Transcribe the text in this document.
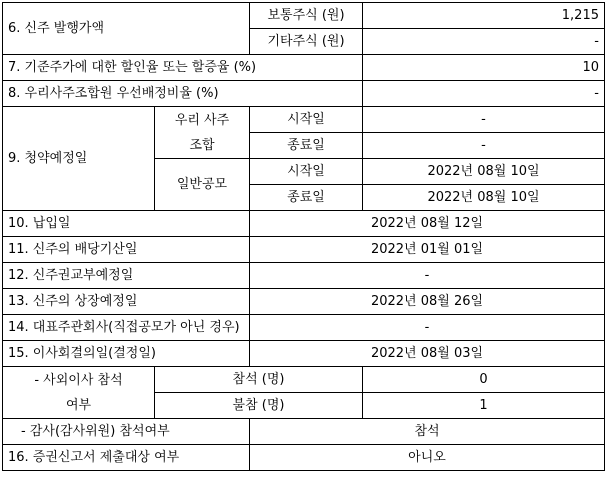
6. 신주 발행가액		보통주식 (원)	1,215
		기타주식 (원)	-
7. 기준주가에 대한 할인율 또는 할증율 (%)			10
8. 우리사주조합원 우선배정비율 (%)			-
9. 청약예정일	우리 사주조합	시작일	-
		종료일	-
	일반공모	시작일	2022년 08월 10일
		종료일	2022년 08월 10일
10. 납입일		2022년 08월 12일	
11. 신주의 배당기산일		2022년 01월 01일	
12. 신주권교부예정일		-	
13. 신주의 상장예정일		2022년 08월 26일	
14. 대표주관회사(직접공모가 아닌 경우)		-	
15. 이사회결의일(결정일)		2022년 08월 03일	
- 사외이사 참석여부	참석 (명)		0
	불참 (명)		1
- 감사(감사위원) 참석여부		참석	
16. 증권신고서 제출대상 여부		아니오	
